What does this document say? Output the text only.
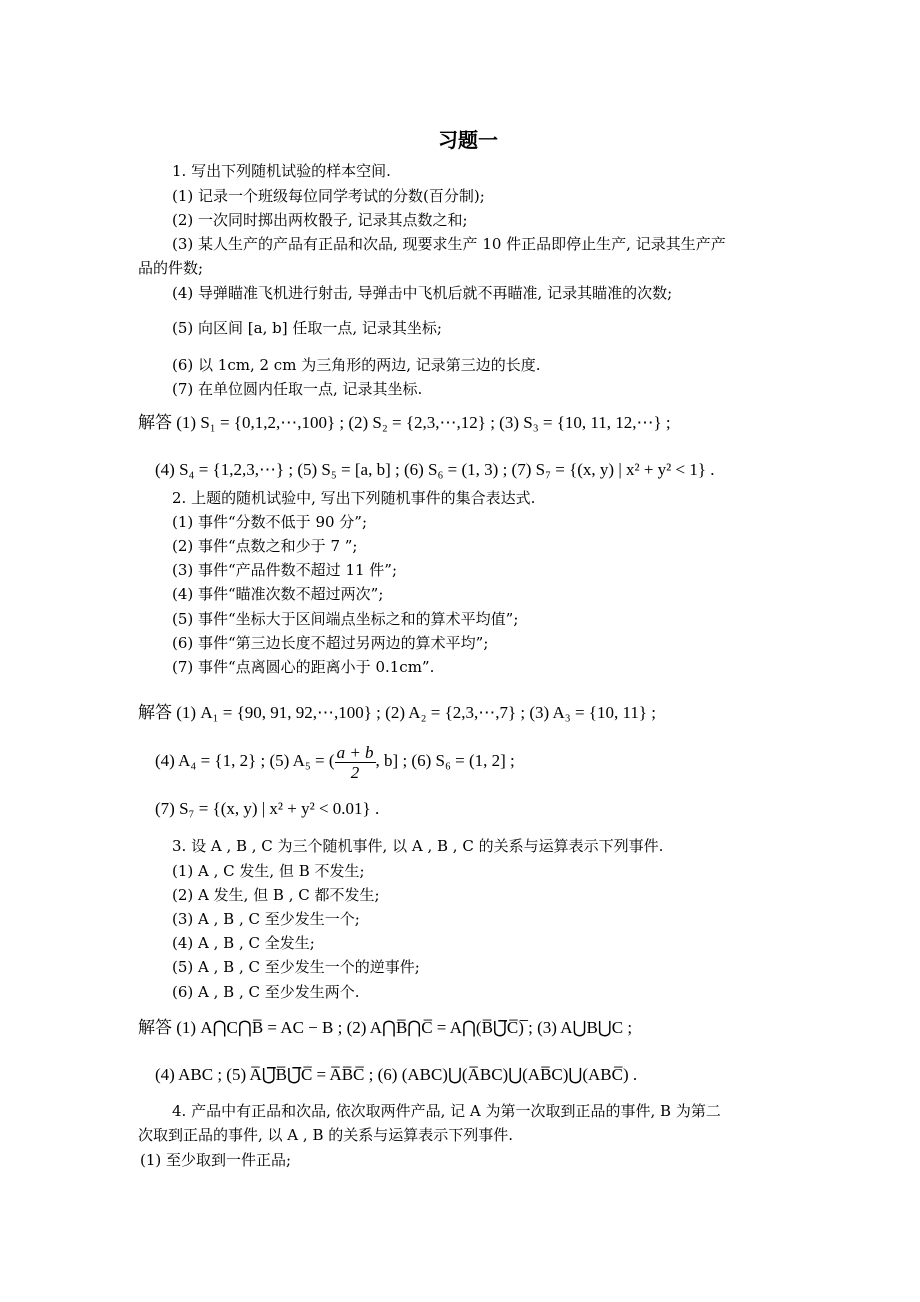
习题一
1. 写出下列随机试验的样本空间.
(1) 记录一个班级每位同学考试的分数(百分制);
(2) 一次同时掷出两枚骰子, 记录其点数之和;
(3) 某人生产的产品有正品和次品, 现要求生产 10 件正品即停止生产, 记录其生产产
品的件数;
(4) 导弹瞄准飞机进行射击, 导弹击中飞机后就不再瞄准, 记录其瞄准的次数;
(5) 向区间 [a, b] 任取一点, 记录其坐标;
(6) 以 1cm, 2 cm 为三角形的两边, 记录第三边的长度.
(7) 在单位圆内任取一点, 记录其坐标.
解答 (1) S₁ = {0,1,2,⋯,100} ; (2) S₂ = {2,3,⋯,12} ; (3) S₃ = {10, 11, 12,⋯} ;
(4) S₄ = {1,2,3,⋯} ; (5) S₅ = [a, b] ; (6) S₆ = (1, 3) ; (7) S₇ = {(x, y) | x² + y² < 1} .
2. 上题的随机试验中, 写出下列随机事件的集合表达式.
(1) 事件“分数不低于 90 分”;
(2) 事件“点数之和少于 7 ”;
(3) 事件“产品件数不超过 11 件”;
(4) 事件“瞄准次数不超过两次”;
(5) 事件“坐标大于区间端点坐标之和的算术平均值”;
(6) 事件“第三边长度不超过另两边的算术平均”;
(7) 事件“点离圆心的距离小于 0.1cm”.
解答 (1) A₁ = {90, 91, 92,⋯,100} ; (2) A₂ = {2,3,⋯,7} ; (3) A₃ = {10, 11} ;
(4) A₄ = {1, 2} ; (5) A₅ = ( $\frac{a + b}{2}$ , b] ; (6) S₆ = (1, 2] ;
(7) S₇ = {(x, y) | x² + y² < 0.01} .
3. 设 A , B , C 为三个随机事件, 以 A , B , C 的关系与运算表示下列事件.
(1) A , C 发生, 但 B 不发生;
(2) A 发生, 但 B , C 都不发生;
(3) A , B , C 至少发生一个;
(4) A , B , C 全发生;
(5) A , B , C 至少发生一个的逆事件;
(6) A , B , C 至少发生两个.
解答 (1) A⋂C⋂B̅ = AC − B ; (2) A⋂B̅⋂C̅ = A⋂(B̅⋃̅C̅)̅ ; (3) A⋃B⋃C ;
(4) ABC ; (5) A̅⋃̅B̅⋃̅C̅ = A̅B̅C̅ ; (6) (ABC)⋃(A̅BC)⋃(AB̅C)⋃(ABC̅) .
4. 产品中有正品和次品, 依次取两件产品, 记 A 为第一次取到正品的事件, B 为第二
次取到正品的事件, 以 A , B 的关系与运算表示下列事件.
(1) 至少取到一件正品;
